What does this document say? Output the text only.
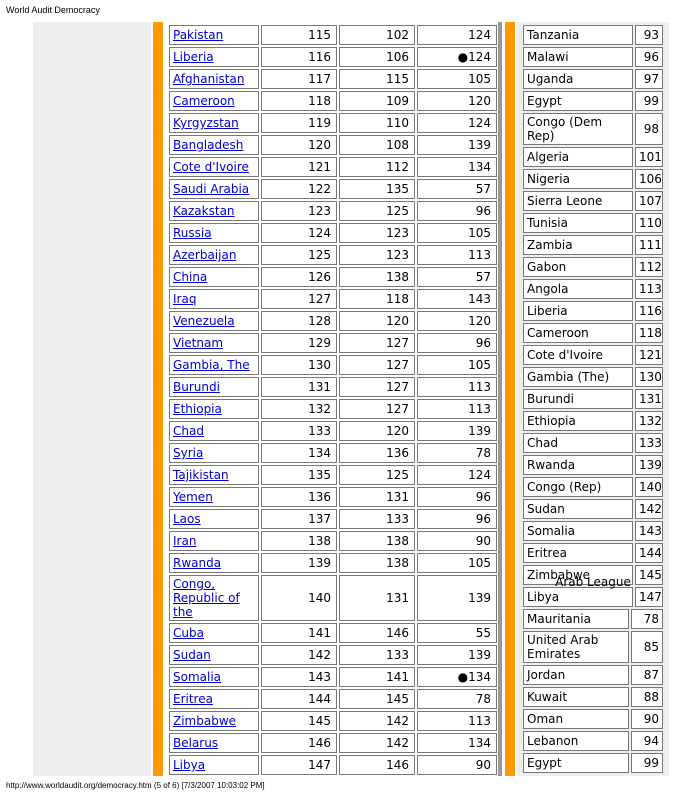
World Audit Democracy
Pakistan	115	102	124
Liberia	116	106	●124
Afghanistan	117	115	105
Cameroon	118	109	120
Kyrgyzstan	119	110	124
Bangladesh	120	108	139
Cote d'Ivoire	121	112	134
Saudi Arabia	122	135	57
Kazakstan	123	125	96
Russia	124	123	105
Azerbaijan	125	123	113
China	126	138	57
Iraq	127	118	143
Venezuela	128	120	120
Vietnam	129	127	96
Gambia, The	130	127	105
Burundi	131	127	113
Ethiopia	132	127	113
Chad	133	120	139
Syria	134	136	78
Tajikistan	135	125	124
Yemen	136	131	96
Laos	137	133	96
Iran	138	138	90
Rwanda	139	138	105
Congo, Republic of the	140	131	139
Cuba	141	146	55
Sudan	142	133	139
Somalia	143	141	●134
Eritrea	144	145	78
Zimbabwe	145	142	113
Belarus	146	142	134
Libya	147	146	90
Tanzania	93
Malawi	96
Uganda	97
Egypt	99
Congo (Dem Rep)	98
Algeria	101
Nigeria	106
Sierra Leone	107
Tunisia	110
Zambia	111
Gabon	112
Angola	113
Liberia	116
Cameroon	118
Cote d'Ivoire	121
Gambia (The)	130
Burundi	131
Ethiopia	132
Chad	133
Rwanda	139
Congo (Rep)	140
Sudan	142
Somalia	143
Eritrea	144
Zimbabwe	145
Libya	147
Arab League
Mauritania	78
United Arab Emirates	85
Jordan	87
Kuwait	88
Oman	90
Lebanon	94
Egypt	99
http://www.worldaudit.org/democracy.htm (5 of 6) [7/3/2007 10:03:02 PM]
